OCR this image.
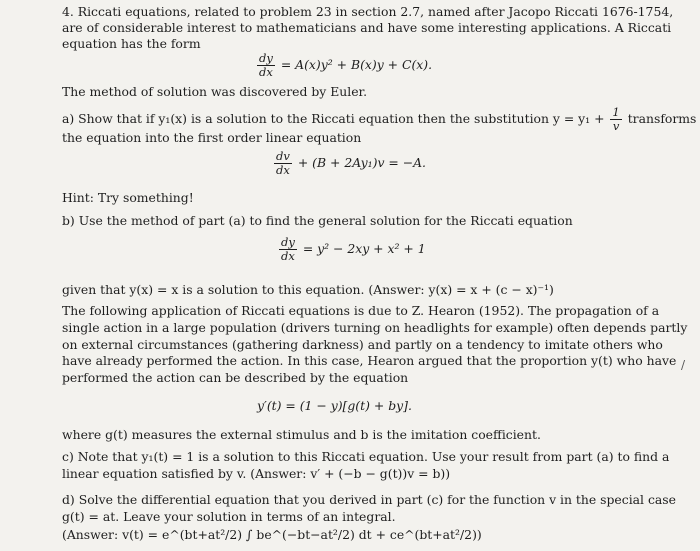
4. Riccati equations, related to problem 23 in section 2.7, named after Jacopo Riccati 1676-1754,
are of considerable interest to mathematicians and have some interesting applications. A Riccati
equation has the form
$\frac{dy}{dx} = A(x)y^2 + B(x)y + C(x)$.
The method of solution was discovered by Euler.
a) Show that if y₁(x) is a solution to the Riccati equation then the substitution $y = y_1 + \frac{1}{v}$ transforms
the equation into the first order linear equation
$\frac{dv}{dx} + (B + 2Ay_1)v = -A$.
Hint: Try something!
b) Use the method of part (a) to find the general solution for the Riccati equation
$\frac{dy}{dx} = y^2 - 2xy + x^2 + 1$
given that y(x) = x is a solution to this equation. (Answer: y(x) = x + (c − x)⁻¹)
The following application of Riccati equations is due to Z. Hearon (1952). The propagation of a
single action in a large population (drivers turning on headlights for example) often depends partly
on external circumstances (gathering darkness) and partly on a tendency to imitate others who
have already performed the action. In this case, Hearon argued that the proportion y(t) who have
performed the action can be described by the equation
/
y′(t) = (1 − y)[g(t) + by].
where g(t) measures the external stimulus and b is the imitation coefficient.
c) Note that y₁(t) = 1 is a solution to this Riccati equation. Use your result from part (a) to find a
linear equation satisfied by v. (Answer: v′ + (−b − g(t))v = b))
d) Solve the differential equation that you derived in part (c) for the function v in the special case
g(t) = at. Leave your solution in terms of an integral.
(Answer: v(t) = e^(bt+at²/2) ∫ be^(−bt−at²/2) dt + ce^(bt+at²/2))
